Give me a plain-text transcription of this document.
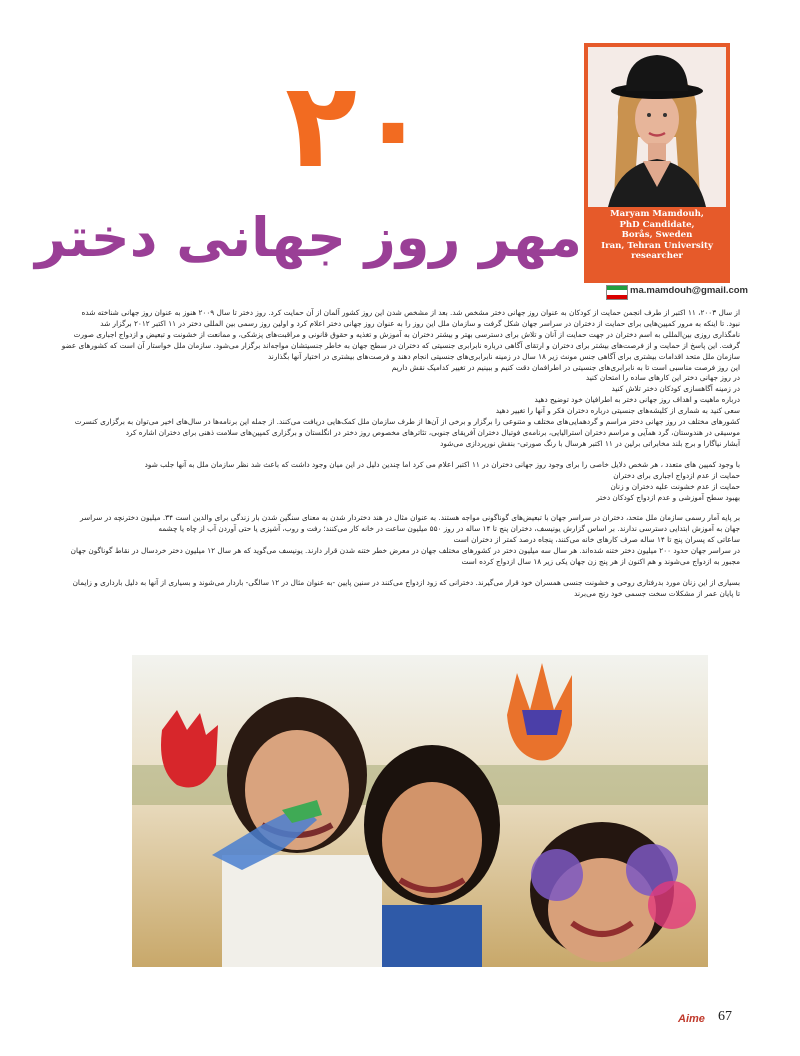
۲۰
مهر روز جهانی دختر	Maryam Mamdouh,
PhD Candidate,
Borås, Sweden
Iran, Tehran University
researcher
ma.mamdouh@gmail.com

از سال ۲۰۰۳، ۱۱ اکتبر از طرف انجمن حمایت از کودکان به عنوان روز جهانی دختر مشخص شد. بعد از مشخص شدن این روز کشور آلمان از آن حمایت کرد. روز دختر تا سال ۲۰۰۹ هنوز به عنوان روز جهانی شناخته شده

نبود. تا اینکه به مرور کمپین‌هایی برای حمایت از دختران در سراسر جهان شکل گرفت و سازمان ملل این روز را به عنوان روز جهانی دختر اعلام کرد و اولین روز رسمی بین المللی دختر در ۱۱ اکتبر ۲۰۱۲ برگزار شد

نامگذاری روزی بین‌المللی به اسم دختران در جهت حمایت از آنان و تلاش برای دسترسی بهتر و بیشتر دختران به آموزش و تغذیه و حقوق قانونی و مراقبت‌های پزشکی، و ممانعت از خشونت و تبعیض و ازدواج اجباری صورت

گرفت. این پاسخ از حمایت و از فرصت‌های بیشتر برای دختران و ارتقای آگاهی درباره نابرابری جنسیتی که دختران در سطح جهان به خاطر جنسیتشان مواجه‌اند برگزار می‌شود. سازمان ملل خواستار آن است که کشورهای عضو

سازمان ملل متحد اقدامات بیشتری برای آگاهی جنس مونث زیر ۱۸ سال در زمینه نابرابری‌های جنسیتی انجام دهند و فرصت‌های بیشتری در اختیار آنها بگذارند

این روز فرصت مناسبی است تا به نابرابری‌های جنسیتی در اطرافمان دقت کنیم و ببینیم در تغییر کدامیک نقش داریم

در روز جهانی دختر این کارهای ساده را امتحان کنید

در زمینه آگاهسازی کودکان دختر تلاش کنید

درباره ماهیت و اهداف روز جهانی دختر به اطرافیان خود توضیح دهید

سعی کنید به شماری از کلیشه‌های جنسیتی درباره دختران فکر و آنها را تغییر دهید

کشورهای مختلف در روز جهانی دختر مراسم و گردهمایی‌های مختلف و متنوعی را برگزار و برخی از آن‌ها از طرف سازمان ملل کمک‌هایی دریافت می‌کنند. از جمله این برنامه‌ها در سال‌های اخیر می‌توان به برگزاری کنسرت

موسیقی در هندوستان، گرد همآیی و مراسم دختران استرالیایی، برنامه‌ی فوتبال دختران آفریقای جنوبی، تئاترهای مخصوص روز دختر در انگلستان و برگزاری کمپین‌های سلامت ذهنی برای دختران اشاره کرد

آبشار نیاگارا و برج بلند مخابراتی برلین در ۱۱ اکتبر هرسال با رنگ صورتی- بنفش نورپردازی می‌شود

با وجود کمپین های متعدد ، هر شخص دلایل خاصی را برای وجود روز جهانی دختران در ۱۱ اکتبر اعلام می کرد اما چندین دلیل در این میان وجود داشت که باعث شد نظر سازمان ملل به آنها جلب شود

حمایت از عدم ازدواج اجباری برای دختران

حمایت از عدم خشونت علیه دختران و زنان

بهبود سطح آموزشی و عدم ازدواج کودکان دختر

بر پایه آمار رسمی سازمان ملل متحد، دختران در سراسر جهان با تبعیض‌های گوناگونی مواجه هستند. به عنوان مثال در هند دختردار شدن به معنای سنگین شدن بار زندگی برای والدین است ۳۴. میلیون دخترنچه در سراسر

جهان به آموزش ابتدایی دسترسی ندارند. بر اساس گزارش یونیسف، دختران پنج تا ۱۴ ساله در روز ۵۵۰ میلیون ساعت در خانه کار می‌کنند؛ رفت و روب، آشپزی یا حتی آوردن آب از چاه یا چشمه

ساعاتی که پسران پنج تا ۱۴ ساله صرف کارهای خانه می‌کنند، پنجاه درصد کمتر از دختران است

در سراسر جهان حدود ۲۰۰ میلیون دختر ختنه شده‌اند. هر سال سه میلیون دختر در کشورهای مختلف جهان در معرض خطر ختنه شدن قرار دارند. یونیسف می‌گوید که هر سال ۱۲ میلیون دختر خردسال در نقاط گوناگون جهان

مجبور به ازدواج می‌شوند و هم اکنون از هر پنج زن جهان یکی زیر ۱۸ سال ازدواج کرده است

بسیاری از این زنان مورد بدرفتاری روحی و خشونت جنسی همسران خود قرار می‌گیرند. دخترانی که زود ازدواج می‌کنند در سنین پایین -به عنوان مثال در ۱۲ سالگی- باردار می‌شوند و بسیاری از آنها به دلیل بارداری و زایمان

تا پایان عمر از مشکلات سخت جسمی خود رنج می‌برند

Aime 67
